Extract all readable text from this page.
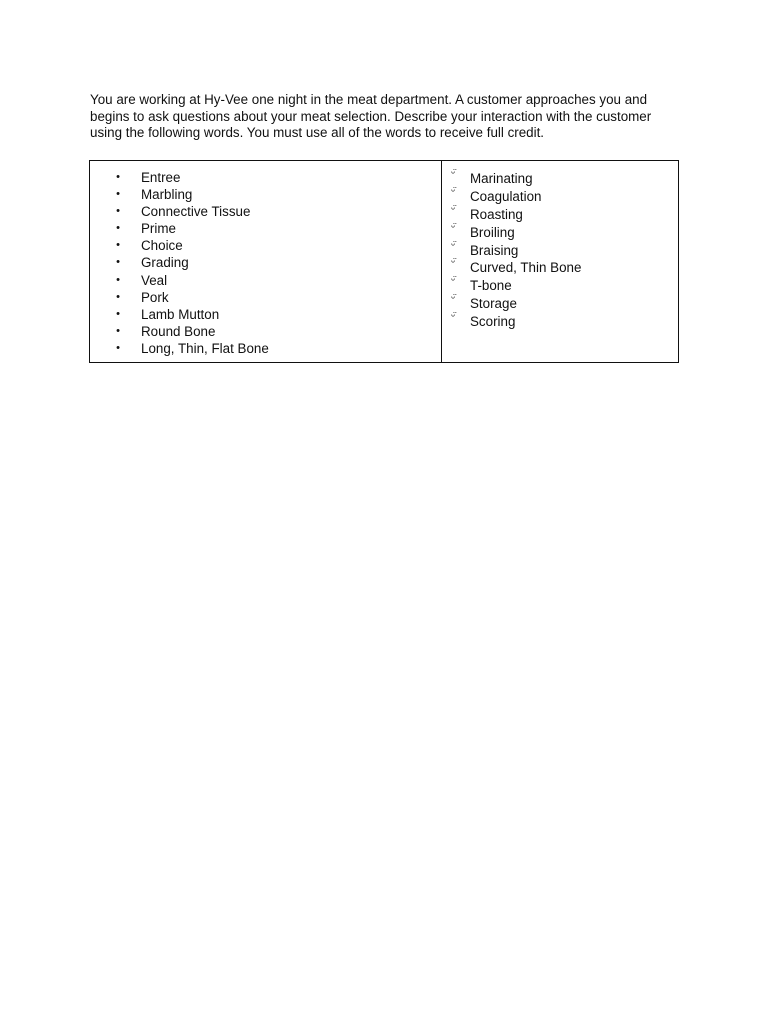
You are working at Hy-Vee one night in the meat department. A customer approaches you and begins to ask questions about your meat selection. Describe your interaction with the customer using the following words. You must use all of the words to receive full credit.

• Entree
• Marbling
• Connective Tissue
• Prime
• Choice
• Grading
• Veal
• Pork
• Lamb Mutton
• Round Bone
• Long, Thin, Flat Bone

ᵕ̈	Marinating
ᵕ̈	Coagulation
ᵕ̈	Roasting
ᵕ̈	Broiling
ᵕ̈	Braising
ᵕ̈	Curved, Thin Bone
ᵕ̈	T-bone
ᵕ̈	Storage
ᵕ̈	Scoring
